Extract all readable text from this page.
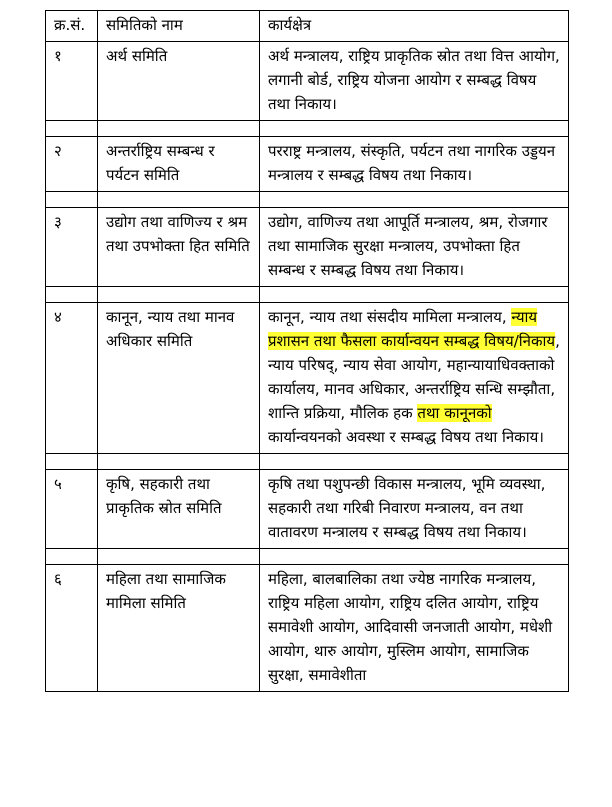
क्र.सं.	समितिको नाम	कार्यक्षेत्र
१	अर्थ समिति	अर्थ मन्त्रालय, राष्ट्रिय प्राकृतिक स्रोत तथा वित्त आयोग, लगानी बोर्ड, राष्ट्रिय योजना आयोग र सम्बद्ध विषय तथा निकाय।

२	अन्तर्राष्ट्रिय सम्बन्ध र पर्यटन समिति	परराष्ट्र मन्त्रालय, संस्कृति, पर्यटन तथा नागरिक उड्डयन मन्त्रालय र सम्बद्ध विषय तथा निकाय।

३	उद्योग तथा वाणिज्य र श्रम तथा उपभोक्ता हित समिति	उद्योग, वाणिज्य तथा आपूर्ति मन्त्रालय, श्रम, रोजगार तथा सामाजिक सुरक्षा मन्त्रालय, उपभोक्ता हित सम्बन्ध र सम्बद्ध विषय तथा निकाय।

४	कानून, न्याय तथा मानव अधिकार समिति	कानून, न्याय तथा संसदीय मामिला मन्त्रालय, न्याय प्रशासन तथा फैसला कार्यान्वयन सम्बद्ध विषय/निकाय, न्याय परिषद्, न्याय सेवा आयोग, महान्यायाधिवक्ताको कार्यालय, मानव अधिकार, अन्तर्राष्ट्रिय सन्धि सम्झौता, शान्ति प्रक्रिया, मौलिक हक तथा कानूनको कार्यान्वयनको अवस्था र सम्बद्ध विषय तथा निकाय।

५	कृषि, सहकारी तथा प्राकृतिक स्रोत समिति	कृषि तथा पशुपन्छी विकास मन्त्रालय, भूमि व्यवस्था, सहकारी तथा गरिबी निवारण मन्त्रालय, वन तथा वातावरण मन्त्रालय र सम्बद्ध विषय तथा निकाय।

६	महिला तथा सामाजिक मामिला समिति	महिला, बालबालिका तथा ज्येष्ठ नागरिक मन्त्रालय, राष्ट्रिय महिला आयोग, राष्ट्रिय दलित आयोग, राष्ट्रिय समावेशी आयोग, आदिवासी जनजाती आयोग, मधेशी आयोग, थारु आयोग, मुस्लिम आयोग, सामाजिक सुरक्षा, समावेशीता
